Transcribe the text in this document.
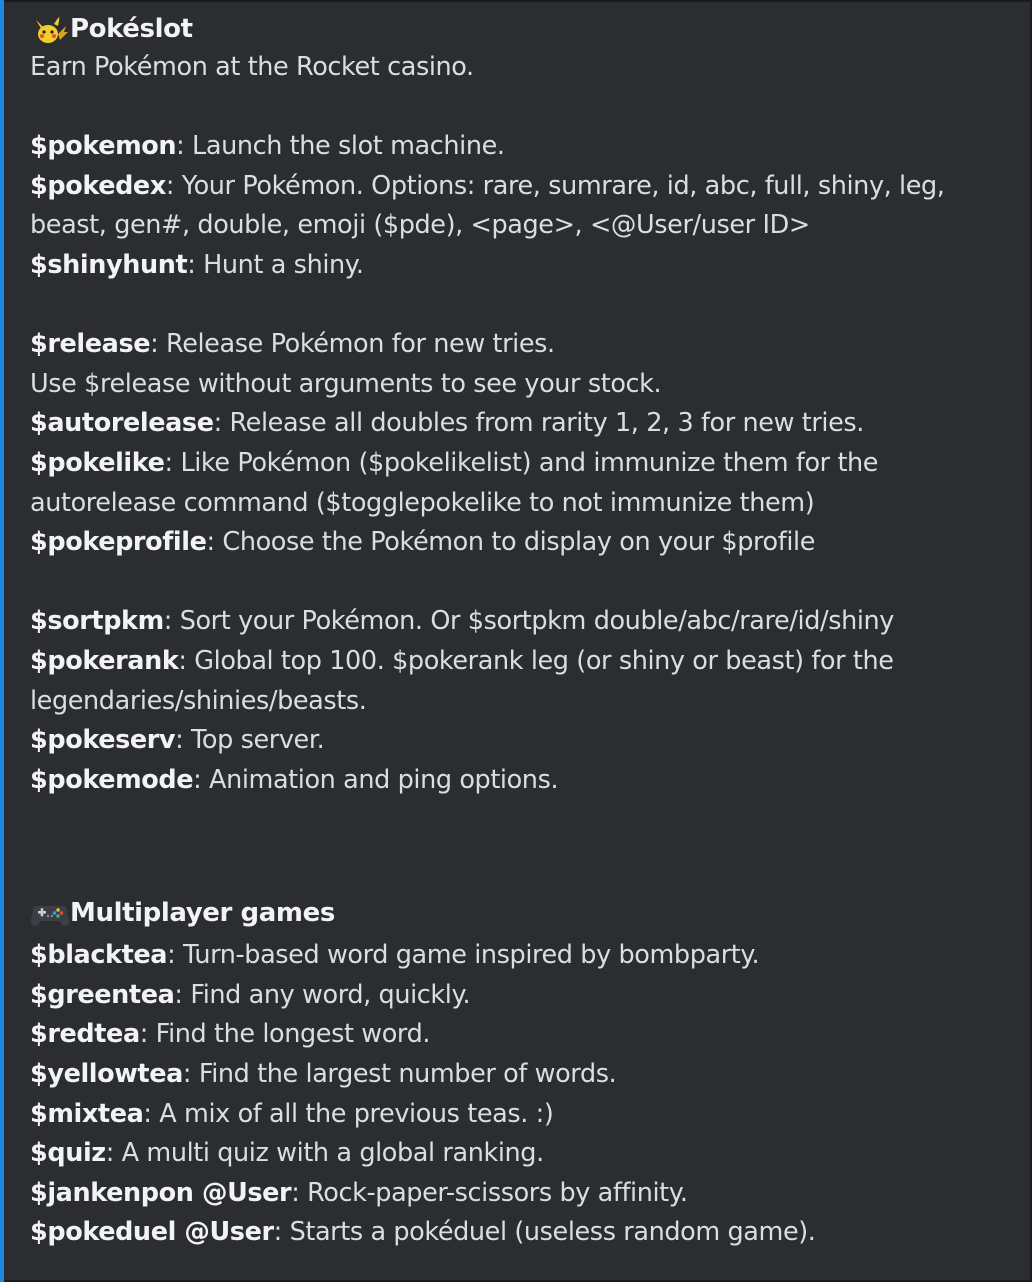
Pokéslot
Earn Pokémon at the Rocket casino.
$pokemon: Launch the slot machine.
$pokedex: Your Pokémon. Options: rare, sumrare, id, abc, full, shiny, leg, beast, gen#, double, emoji ($pde), <page>, <@User/user ID>
$shinyhunt: Hunt a shiny.
$release: Release Pokémon for new tries.
Use $release without arguments to see your stock.
$autorelease: Release all doubles from rarity 1, 2, 3 for new tries.
$pokelike: Like Pokémon ($pokelikelist) and immunize them for the autorelease command ($togglepokelike to not immunize them)
$pokeprofile: Choose the Pokémon to display on your $profile
$sortpkm: Sort your Pokémon. Or $sortpkm double/abc/rare/id/shiny
$pokerank: Global top 100. $pokerank leg (or shiny or beast) for the legendaries/shinies/beasts.
$pokeserv: Top server.
$pokemode: Animation and ping options.
Multiplayer games
$blacktea: Turn-based word game inspired by bombparty.
$greentea: Find any word, quickly.
$redtea: Find the longest word.
$yellowtea: Find the largest number of words.
$mixtea: A mix of all the previous teas. :)
$quiz: A multi quiz with a global ranking.
$jankenpon @User: Rock-paper-scissors by affinity.
$pokeduel @User: Starts a pokéduel (useless random game).
